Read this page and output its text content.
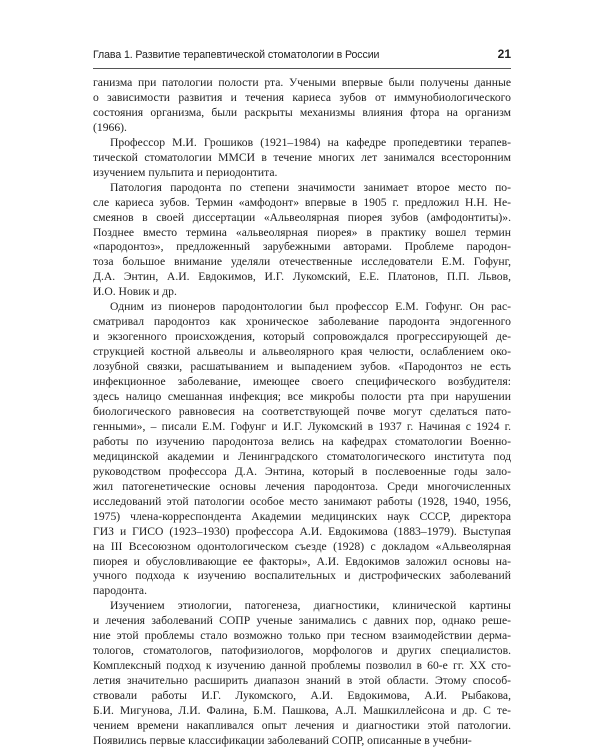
Глава 1. Развитие терапевтической стоматологии в России	21

ганизма при патологии полости рта. Учеными впервые были получены данные
о зависимости развития и течения кариеса зубов от иммунобиологического
состояния организма, были раскрыты механизмы влияния фтора на организм
(1966).

Профессор М.И. Грошиков (1921–1984) на кафедре пропедевтики терапев-
тической стоматологии ММСИ в течение многих лет занимался всесторонним
изучением пульпита и периодонтита.

Патология пародонта по степени значимости занимает второе место по-
сле кариеса зубов. Термин «амфодонт» впервые в 1905 г. предложил Н.Н. Не-
смеянов в своей диссертации «Альвеолярная пиорея зубов (амфодонтиты)».
Позднее вместо термина «альвеолярная пиорея» в практику вошел термин
«пародонтоз», предложенный зарубежными авторами. Проблеме пародон-
тоза большое внимание уделяли отечественные исследователи Е.М. Гофунг,
Д.А. Энтин, А.И. Евдокимов, И.Г. Лукомский, Е.Е. Платонов, П.П. Львов,
И.О. Новик и др.

Одним из пионеров пародонтологии был профессор Е.М. Гофунг. Он рас-
сматривал пародонтоз как хроническое заболевание пародонта эндогенного
и экзогенного происхождения, который сопровождался прогрессирующей де-
струкцией костной альвеолы и альвеолярного края челюсти, ослаблением око-
лозубной связки, расшатыванием и выпадением зубов. «Пародонтоз не есть
инфекционное заболевание, имеющее своего специфического возбудителя:
здесь налицо смешанная инфекция; все микробы полости рта при нарушении
биологического равновесия на соответствующей почве могут сделаться пато-
генными», – писали Е.М. Гофунг и И.Г. Лукомский в 1937 г. Начиная с 1924 г.
работы по изучению пародонтоза велись на кафедрах стоматологии Военно-
медицинской академии и Ленинградского стоматологического института под
руководством профессора Д.А. Энтина, который в послевоенные годы зало-
жил патогенетические основы лечения пародонтоза. Среди многочисленных
исследований этой патологии особое место занимают работы (1928, 1940, 1956,
1975) члена-корреспондента Академии медицинских наук СССР, директора
ГИЗ и ГИСО (1923–1930) профессора А.И. Евдокимова (1883–1979). Выступая
на III Всесоюзном одонтологическом съезде (1928) с докладом «Альвеолярная
пиорея и обусловливающие ее факторы», А.И. Евдокимов заложил основы на-
учного подхода к изучению воспалительных и дистрофических заболеваний
пародонта.

Изучением этиологии, патогенеза, диагностики, клинической картины
и лечения заболеваний СОПР ученые занимались с давних пор, однако реше-
ние этой проблемы стало возможно только при тесном взаимодействии дерма-
тологов, стоматологов, патофизиологов, морфологов и других специалистов.
Комплексный подход к изучению данной проблемы позволил в 60-е гг. ХХ сто-
летия значительно расширить диапазон знаний в этой области. Этому способ-
ствовали работы И.Г. Лукомского, А.И. Евдокимова, А.И. Рыбакова,
Б.И. Мигунова, Л.И. Фалина, Б.М. Пашкова, А.Л. Машкиллейсона и др. С те-
чением времени накапливался опыт лечения и диагностики этой патологии.
Появились первые классификации заболеваний СОПР, описанные в учебни-
